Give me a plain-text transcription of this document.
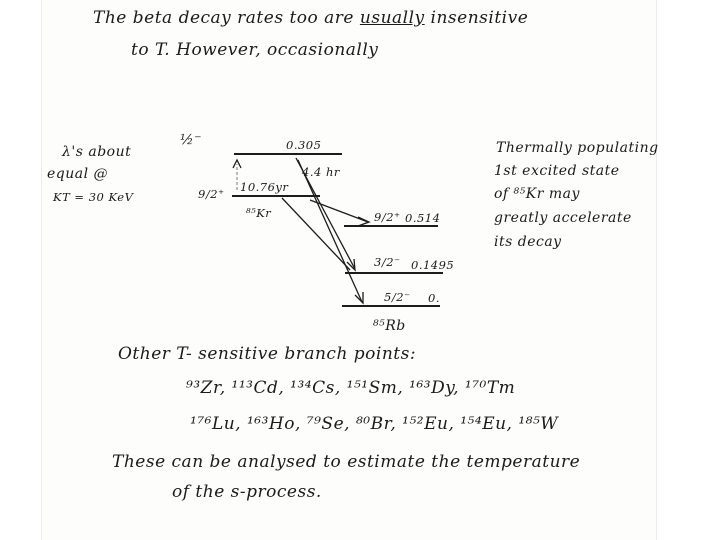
The beta decay rates too are usually insensitive
to T. However, occasionally
λ's about
equal @
KT = 30 KeV
½⁻	0.305
4.4 hr
9/2⁺ 10.76yr
⁸⁵Kr	9/2⁺ 0.514
3/2⁻ 0.1495
5/2⁻ 0.
⁸⁵Rb
Thermally populating
1st excited state
of ⁸⁵Kr may
greatly accelerate
its decay
Other T- sensitive branch points:
⁹³Zr, ¹¹³Cd, ¹³⁴Cs, ¹⁵¹Sm, ¹⁶³Dy, ¹⁷⁰Tm
¹⁷⁶Lu, ¹⁶³Ho, ⁷⁹Se, ⁸⁰Br, ¹⁵²Eu, ¹⁵⁴Eu, ¹⁸⁵W
These can be analysed to estimate the temperature
of the s-process.
